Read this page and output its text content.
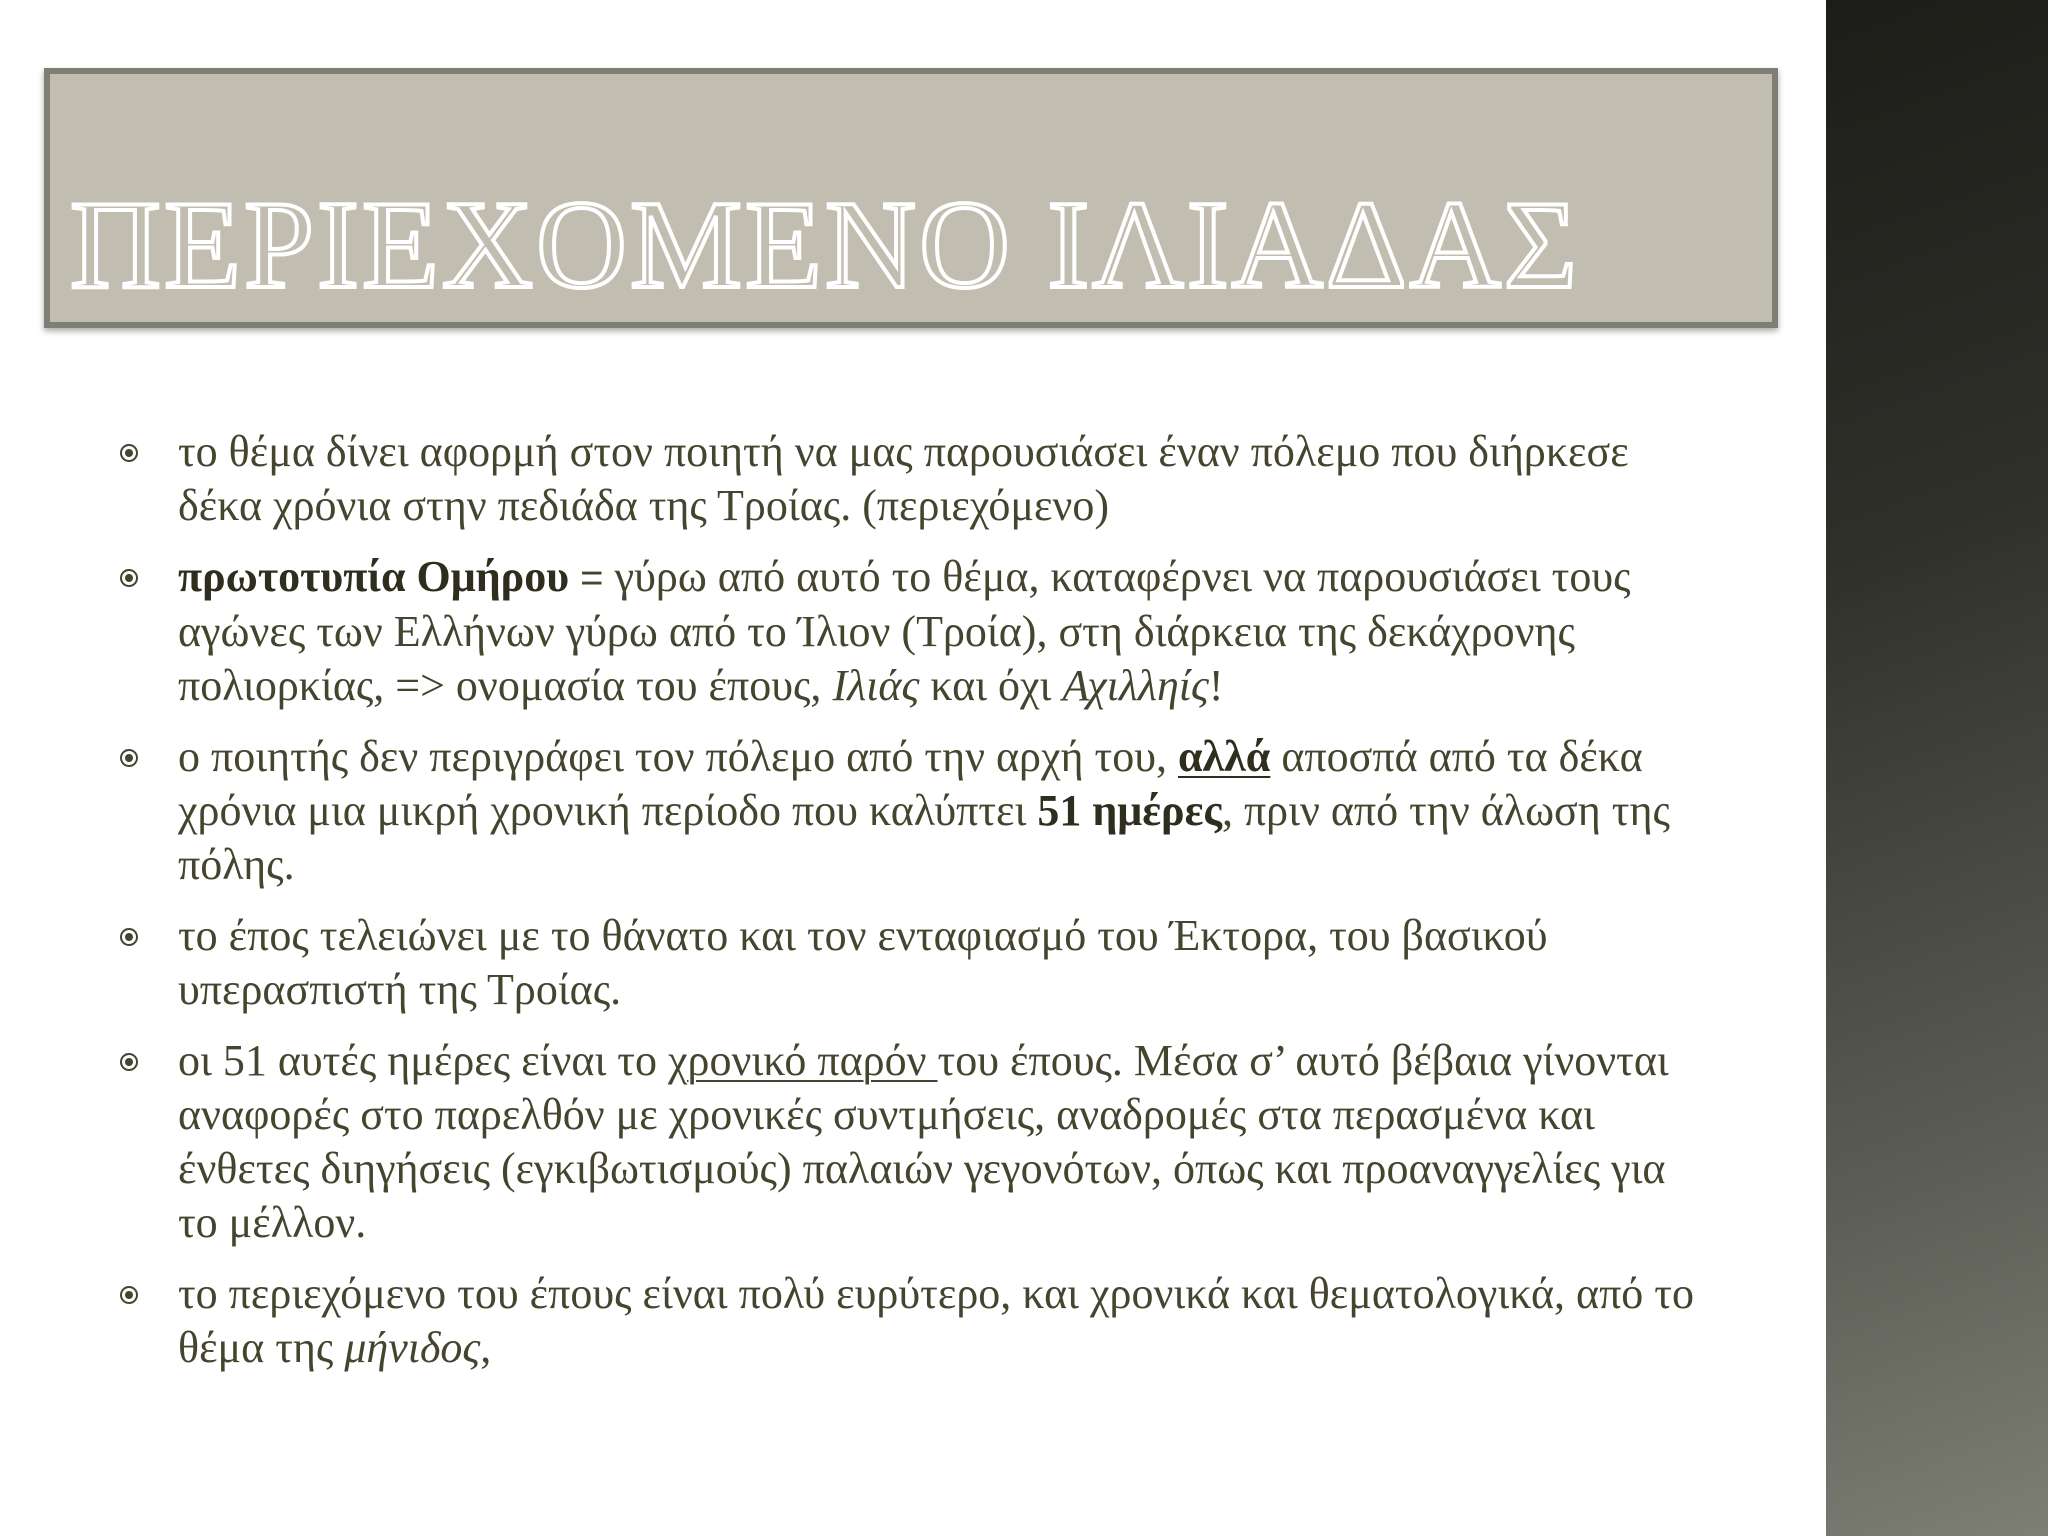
ΠΕΡΙΕΧΟΜΕΝΟ ΙΛΙΑΔΑΣ
το θέμα δίνει αφορμή στον ποιητή να μας παρουσιάσει έναν πόλεμο που διήρκεσε δέκα χρόνια στην πεδιάδα της Τροίας. (περιεχόμενο)
πρωτοτυπία Ομήρου = γύρω από αυτό το θέμα, καταφέρνει να παρουσιάσει τους αγώνες των Ελλήνων γύρω από το Ίλιον (Τροία), στη διάρκεια της δεκάχρονης πολιορκίας, => ονομασία του έπους, Ιλιάς και όχι Αχιλληίς!
ο ποιητής δεν περιγράφει τον πόλεμο από την αρχή του, αλλά αποσπά από τα δέκα χρόνια μια μικρή χρονική περίοδο που καλύπτει 51 ημέρες, πριν από την άλωση της πόλης.
το έπος τελειώνει με το θάνατο και τον ενταφιασμό του Έκτορα, του βασικού υπερασπιστή της Τροίας.
οι 51 αυτές ημέρες είναι το χρονικό παρόν του έπους. Μέσα σ’ αυτό βέβαια γίνονται αναφορές στο παρελθόν με χρονικές συντμήσεις, αναδρομές στα περασμένα και ένθετες διηγήσεις (εγκιβωτισμούς) παλαιών γεγονότων, όπως και προαναγγελίες για το μέλλον.
το περιεχόμενο του έπους είναι πολύ ευρύτερο, και χρονικά και θεματολογικά, από το θέμα της μήνιδος,
